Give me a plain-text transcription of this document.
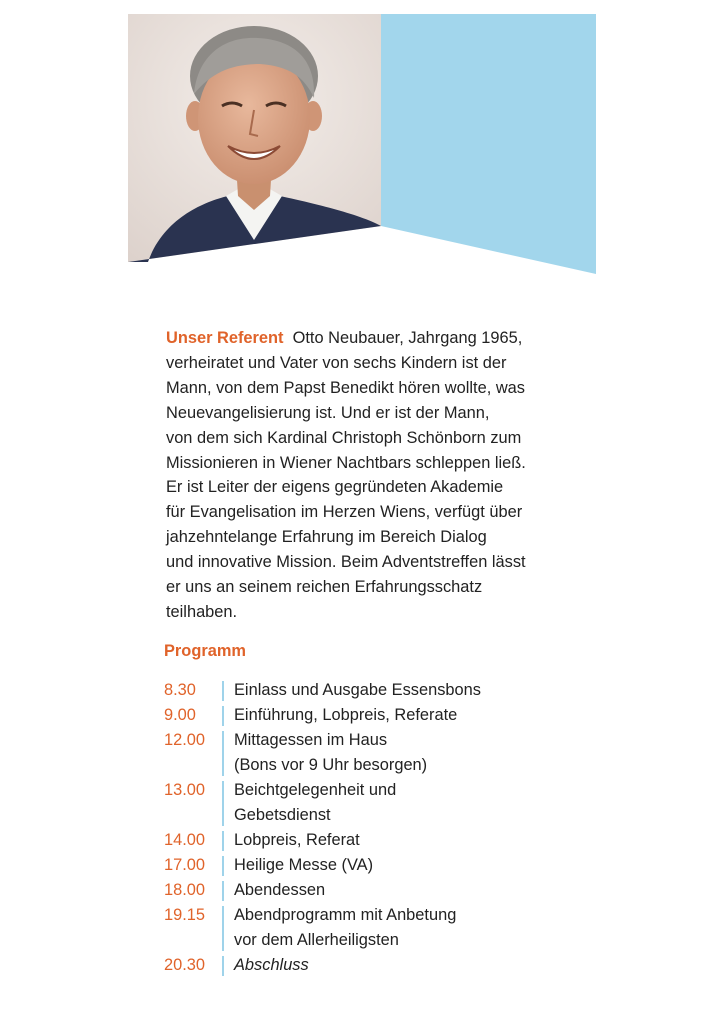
Unser Referent Otto Neubauer, Jahrgang 1965,
verheiratet und Vater von sechs Kindern ist der
Mann, von dem Papst Benedikt hören wollte, was
Neuevangelisierung ist. Und er ist der Mann,
von dem sich Kardinal Christoph Schönborn zum
Missionieren in Wiener Nachtbars schleppen ließ.
Er ist Leiter der eigens gegründeten Akademie
für Evangelisation im Herzen Wiens, verfügt über
jahzehntelange Erfahrung im Bereich Dialog
und innovative Mission. Beim Adventstreffen lässt
er uns an seinem reichen Erfahrungsschatz
teilhaben.

Programm
8.30	Einlass und Ausgabe Essensbons
9.00	Einführung, Lobpreis, Referate
12.00	Mittagessen im Haus
(Bons vor 9 Uhr besorgen)
13.00	Beichtgelegenheit und
Gebetsdienst
14.00	Lobpreis, Referat
17.00	Heilige Messe (VA)
18.00	Abendessen
19.15	Abendprogramm mit Anbetung
vor dem Allerheiligsten
20.30	Abschluss
